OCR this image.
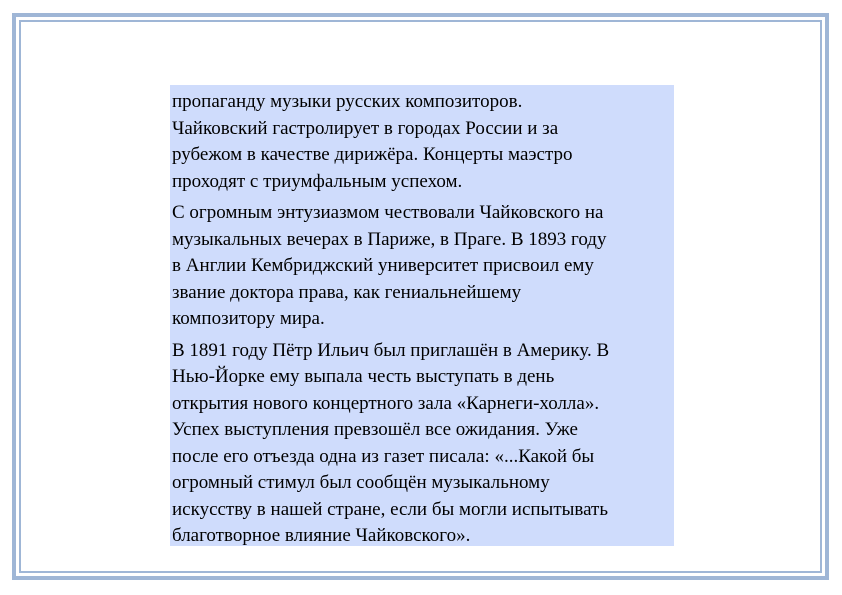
пропаганду музыки русских композиторов.
Чайковский гастролирует в городах России и за
рубежом в качестве дирижёра. Концерты маэстро
проходят с триумфальным успехом.

С огромным энтузиазмом чествовали Чайковского на
музыкальных вечерах в Париже, в Праге. В 1893 году
в Англии Кембриджский университет присвоил ему
звание доктора права, как гениальнейшему
композитору мира.

В 1891 году Пётр Ильич был приглашён в Америку. В
Нью-Йорке ему выпала честь выступать в день
открытия нового концертного зала «Карнеги-холла».
Успех выступления превзошёл все ожидания. Уже
после его отъезда одна из газет писала: «...Какой бы
огромный стимул был сообщён музыкальному
искусству в нашей стране, если бы могли испытывать
благотворное влияние Чайковского».
